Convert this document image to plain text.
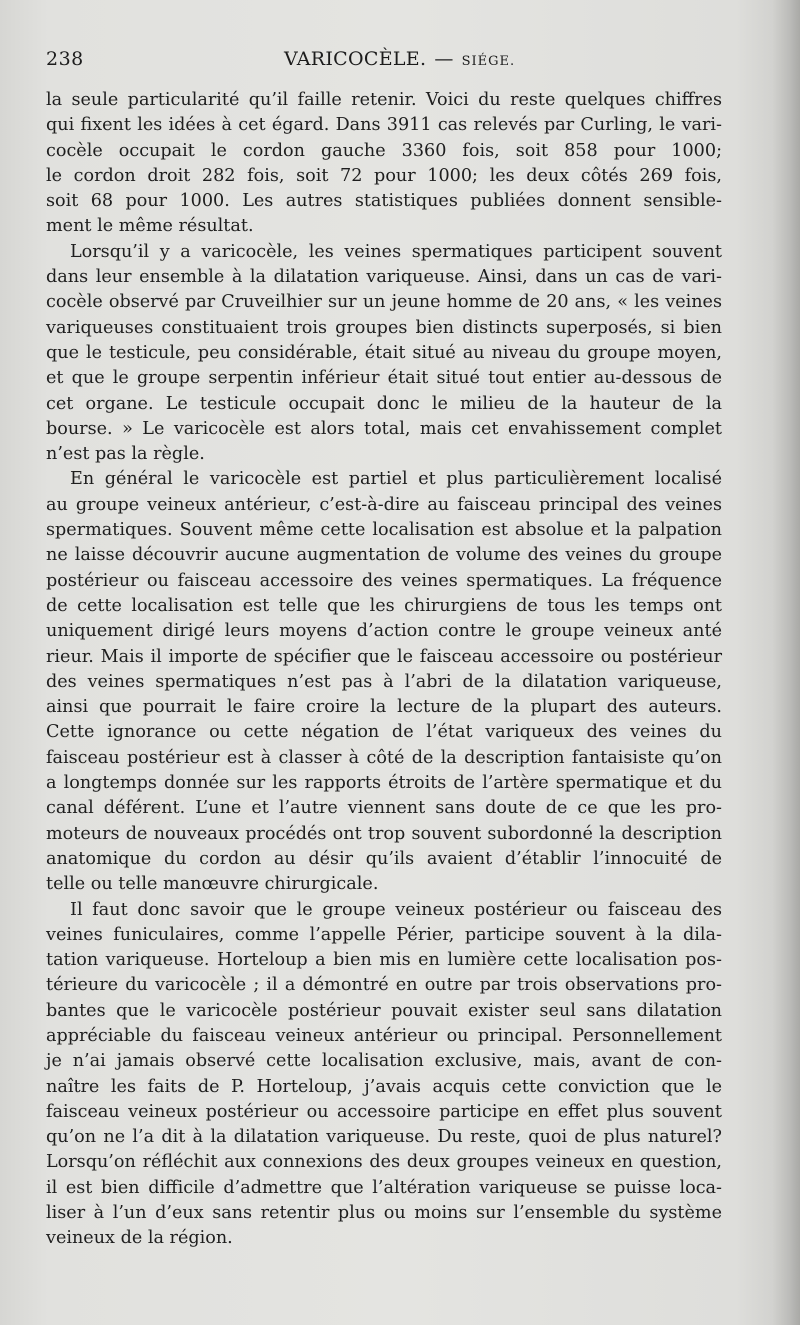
238	VARICOCÈLE. — SIÉGE.
la seule particularité qu’il faille retenir. Voici du reste quelques chiffres
qui fixent les idées à cet égard. Dans 3911 cas relevés par Curling, le vari-
cocèle occupait le cordon gauche 3360 fois, soit 858 pour 1000;
le cordon droit 282 fois, soit 72 pour 1000; les deux côtés 269 fois,
soit 68 pour 1000. Les autres statistiques publiées donnent sensible-
ment le même résultat.
Lorsqu’il y a varicocèle, les veines spermatiques participent souvent
dans leur ensemble à la dilatation variqueuse. Ainsi, dans un cas de vari-
cocèle observé par Cruveilhier sur un jeune homme de 20 ans, « les veines
variqueuses constituaient trois groupes bien distincts superposés, si bien
que le testicule, peu considérable, était situé au niveau du groupe moyen,
et que le groupe serpentin inférieur était situé tout entier au-dessous de
cet organe. Le testicule occupait donc le milieu de la hauteur de la
bourse. » Le varicocèle est alors total, mais cet envahissement complet
n’est pas la règle.
En général le varicocèle est partiel et plus particulièrement localisé
au groupe veineux antérieur, c’est-à-dire au faisceau principal des veines
spermatiques. Souvent même cette localisation est absolue et la palpation
ne laisse découvrir aucune augmentation de volume des veines du groupe
postérieur ou faisceau accessoire des veines spermatiques. La fréquence
de cette localisation est telle que les chirurgiens de tous les temps ont
uniquement dirigé leurs moyens d’action contre le groupe veineux anté
rieur. Mais il importe de spécifier que le faisceau accessoire ou postérieur
des veines spermatiques n’est pas à l’abri de la dilatation variqueuse,
ainsi que pourrait le faire croire la lecture de la plupart des auteurs.
Cette ignorance ou cette négation de l’état variqueux des veines du
faisceau postérieur est à classer à côté de la description fantaisiste qu’on
a longtemps donnée sur les rapports étroits de l’artère spermatique et du
canal déférent. L’une et l’autre viennent sans doute de ce que les pro-
moteurs de nouveaux procédés ont trop souvent subordonné la description
anatomique du cordon au désir qu’ils avaient d’établir l’innocuité de
telle ou telle manœuvre chirurgicale.
Il faut donc savoir que le groupe veineux postérieur ou faisceau des
veines funiculaires, comme l’appelle Périer, participe souvent à la dila-
tation variqueuse. Horteloup a bien mis en lumière cette localisation pos-
térieure du varicocèle ; il a démontré en outre par trois observations pro-
bantes que le varicocèle postérieur pouvait exister seul sans dilatation
appréciable du faisceau veineux antérieur ou principal. Personnellement
je n’ai jamais observé cette localisation exclusive, mais, avant de con-
naître les faits de P. Horteloup, j’avais acquis cette conviction que le
faisceau veineux postérieur ou accessoire participe en effet plus souvent
qu’on ne l’a dit à la dilatation variqueuse. Du reste, quoi de plus naturel?
Lorsqu’on réfléchit aux connexions des deux groupes veineux en question,
il est bien difficile d’admettre que l’altération variqueuse se puisse loca-
liser à l’un d’eux sans retentir plus ou moins sur l’ensemble du système
veineux de la région.
